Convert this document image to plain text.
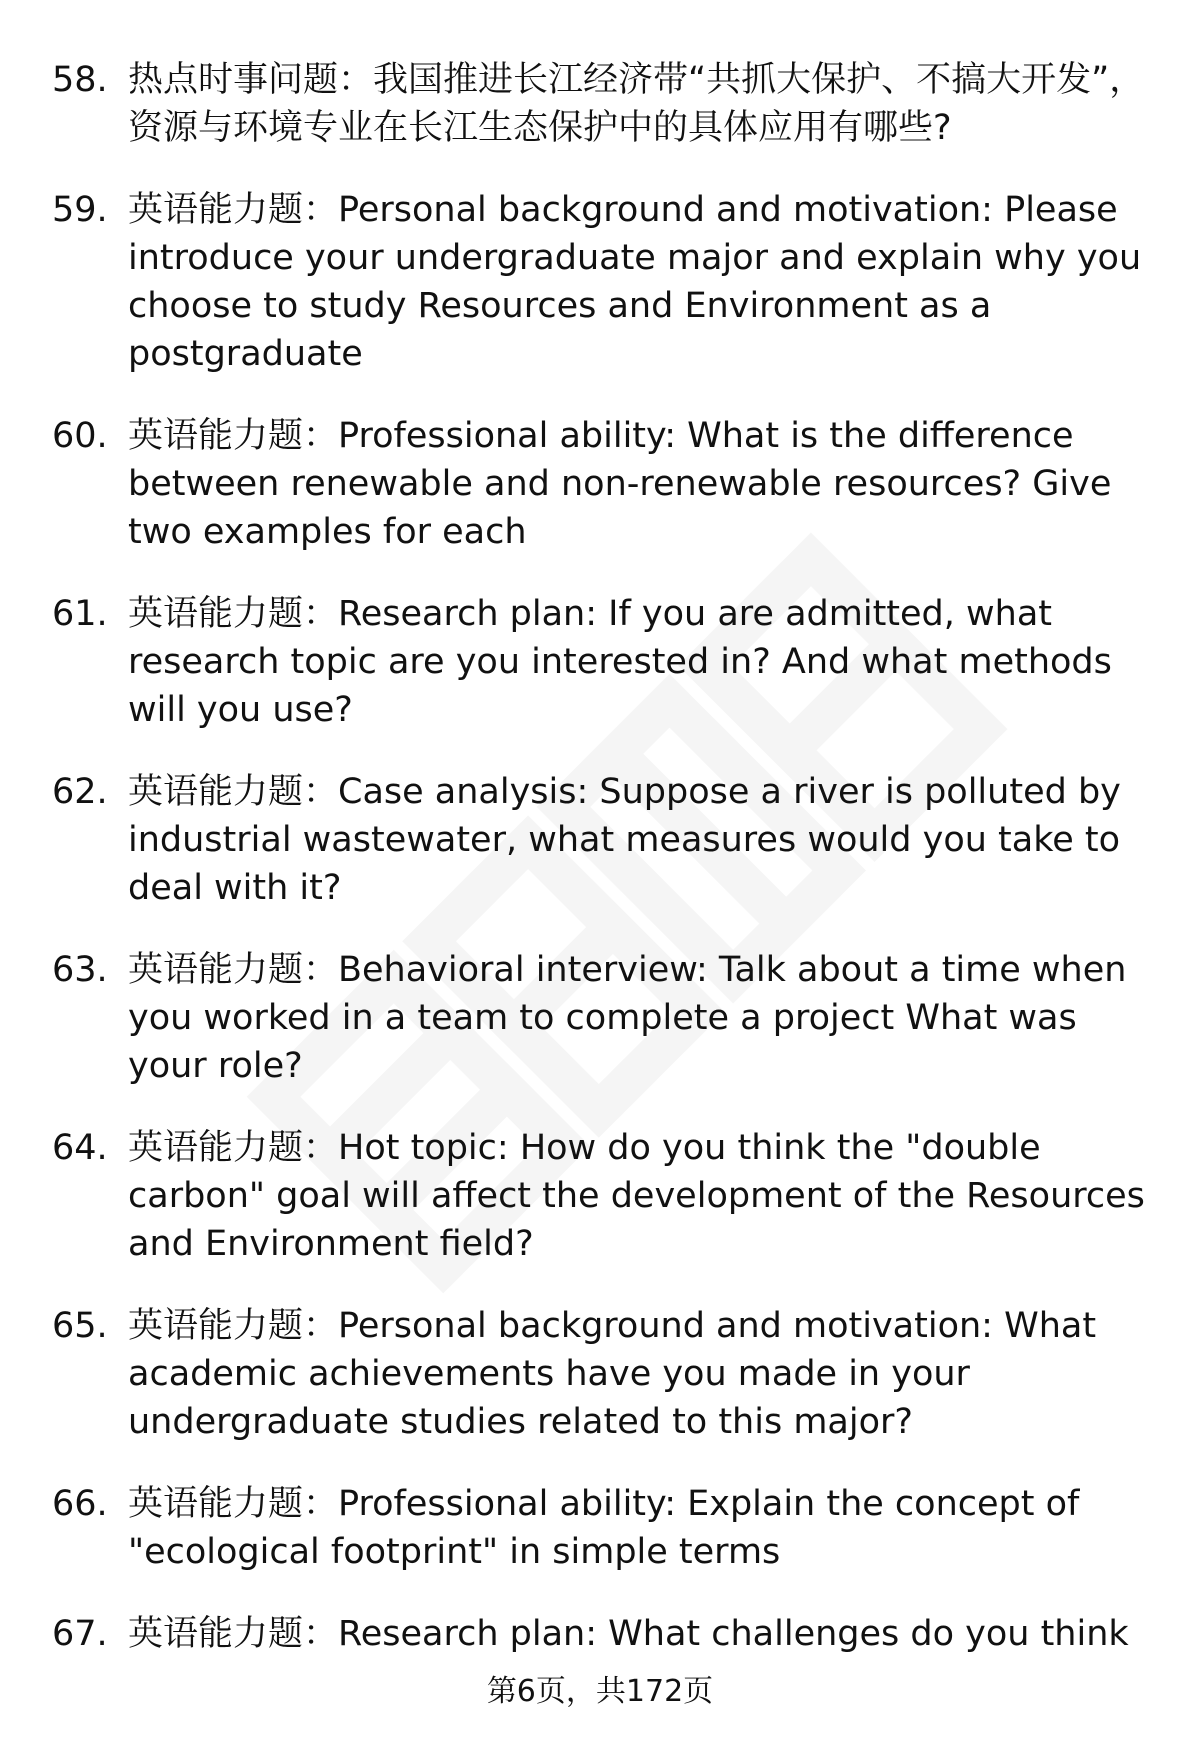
58. 热点时事问题：我国推进长江经济带“共抓大保护、不搞大开发”，资源与环境专业在长江生态保护中的具体应用有哪些?
59. 英语能力题：Personal background and motivation: Please introduce your undergraduate major and explain why you choose to study Resources and Environment as a postgraduate
60. 英语能力题：Professional ability: What is the difference between renewable and non-renewable resources? Give two examples for each
61. 英语能力题：Research plan: If you are admitted, what research topic are you interested in? And what methods will you use?
62. 英语能力题：Case analysis: Suppose a river is polluted by industrial wastewater, what measures would you take to deal with it?
63. 英语能力题：Behavioral interview: Talk about a time when you worked in a team to complete a project What was your role?
64. 英语能力题：Hot topic: How do you think the "double carbon" goal will affect the development of the Resources and Environment field?
65. 英语能力题：Personal background and motivation: What academic achievements have you made in your undergraduate studies related to this major?
66. 英语能力题：Professional ability: Explain the concept of "ecological footprint" in simple terms
67. 英语能力题：Research plan: What challenges do you think
第6页，共172页
